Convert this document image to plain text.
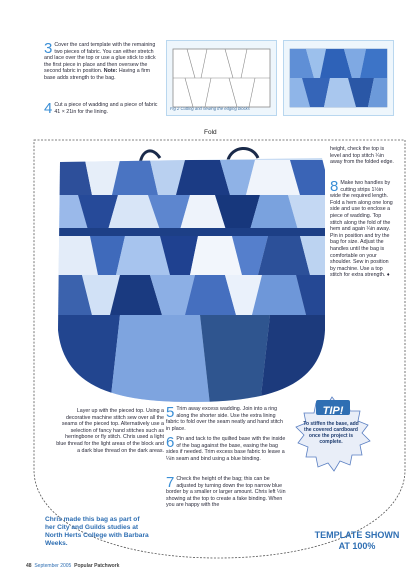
3 Cover the card template with the remaining two pieces of fabric. You can either stretch and lace over the top or use a glue stick to stick the first piece in place and then oversew the second fabric in position. Note: Having a firm base adds strength to the bag.
4 Cut a piece of wadding and a piece of fabric 41 × 21in for the lining.
Fig 2 Cutting and sewing the edging blocks
Fold
Layer up with the pieced top. Using a decorative machine stitch sew over all the seams of the pieced top. Alternatively use a selection of fancy hand stitches such as herringbone or fly stitch. Chris used a light blue thread for the light areas of the block and a dark blue thread on the dark areas.
5 Trim away excess wadding. Join into a ring along the shorter side. Use the extra lining fabric to fold over the seam neatly and hand stitch in place.
6 Pin and tack to the quilted base with the inside of the bag against the base, easing the bag sides if needed. Trim excess base fabric to leave a ¼in seam and bind using a blue binding.
7 Check the height of the bag; this can be adjusted by turning down the top narrow blue border by a smaller or larger amount. Chris left ½in showing at the top to create a fake binding. When you are happy with the
height, check the top is level and top stitch ¼in away from the folded edge.
8 Make two handles by cutting strips 1½in wide the required length. Fold a hem along one long side and use to enclose a piece of wadding. Top stitch along the fold of the hem and again ¼in away. Pin in position and try the bag for size. Adjust the handles until the bag is comfortable on your shoulder. Sew in position by machine. Use a top stitch for extra strength. ♦
TIP!
To stiffen the base, add the covered cardboard once the project is complete.
Chris made this bag as part of her City and Guilds studies at North Herts College with Barbara Weeks.
TEMPLATE SHOWN AT 100%
48 September 2005 Popular Patchwork
